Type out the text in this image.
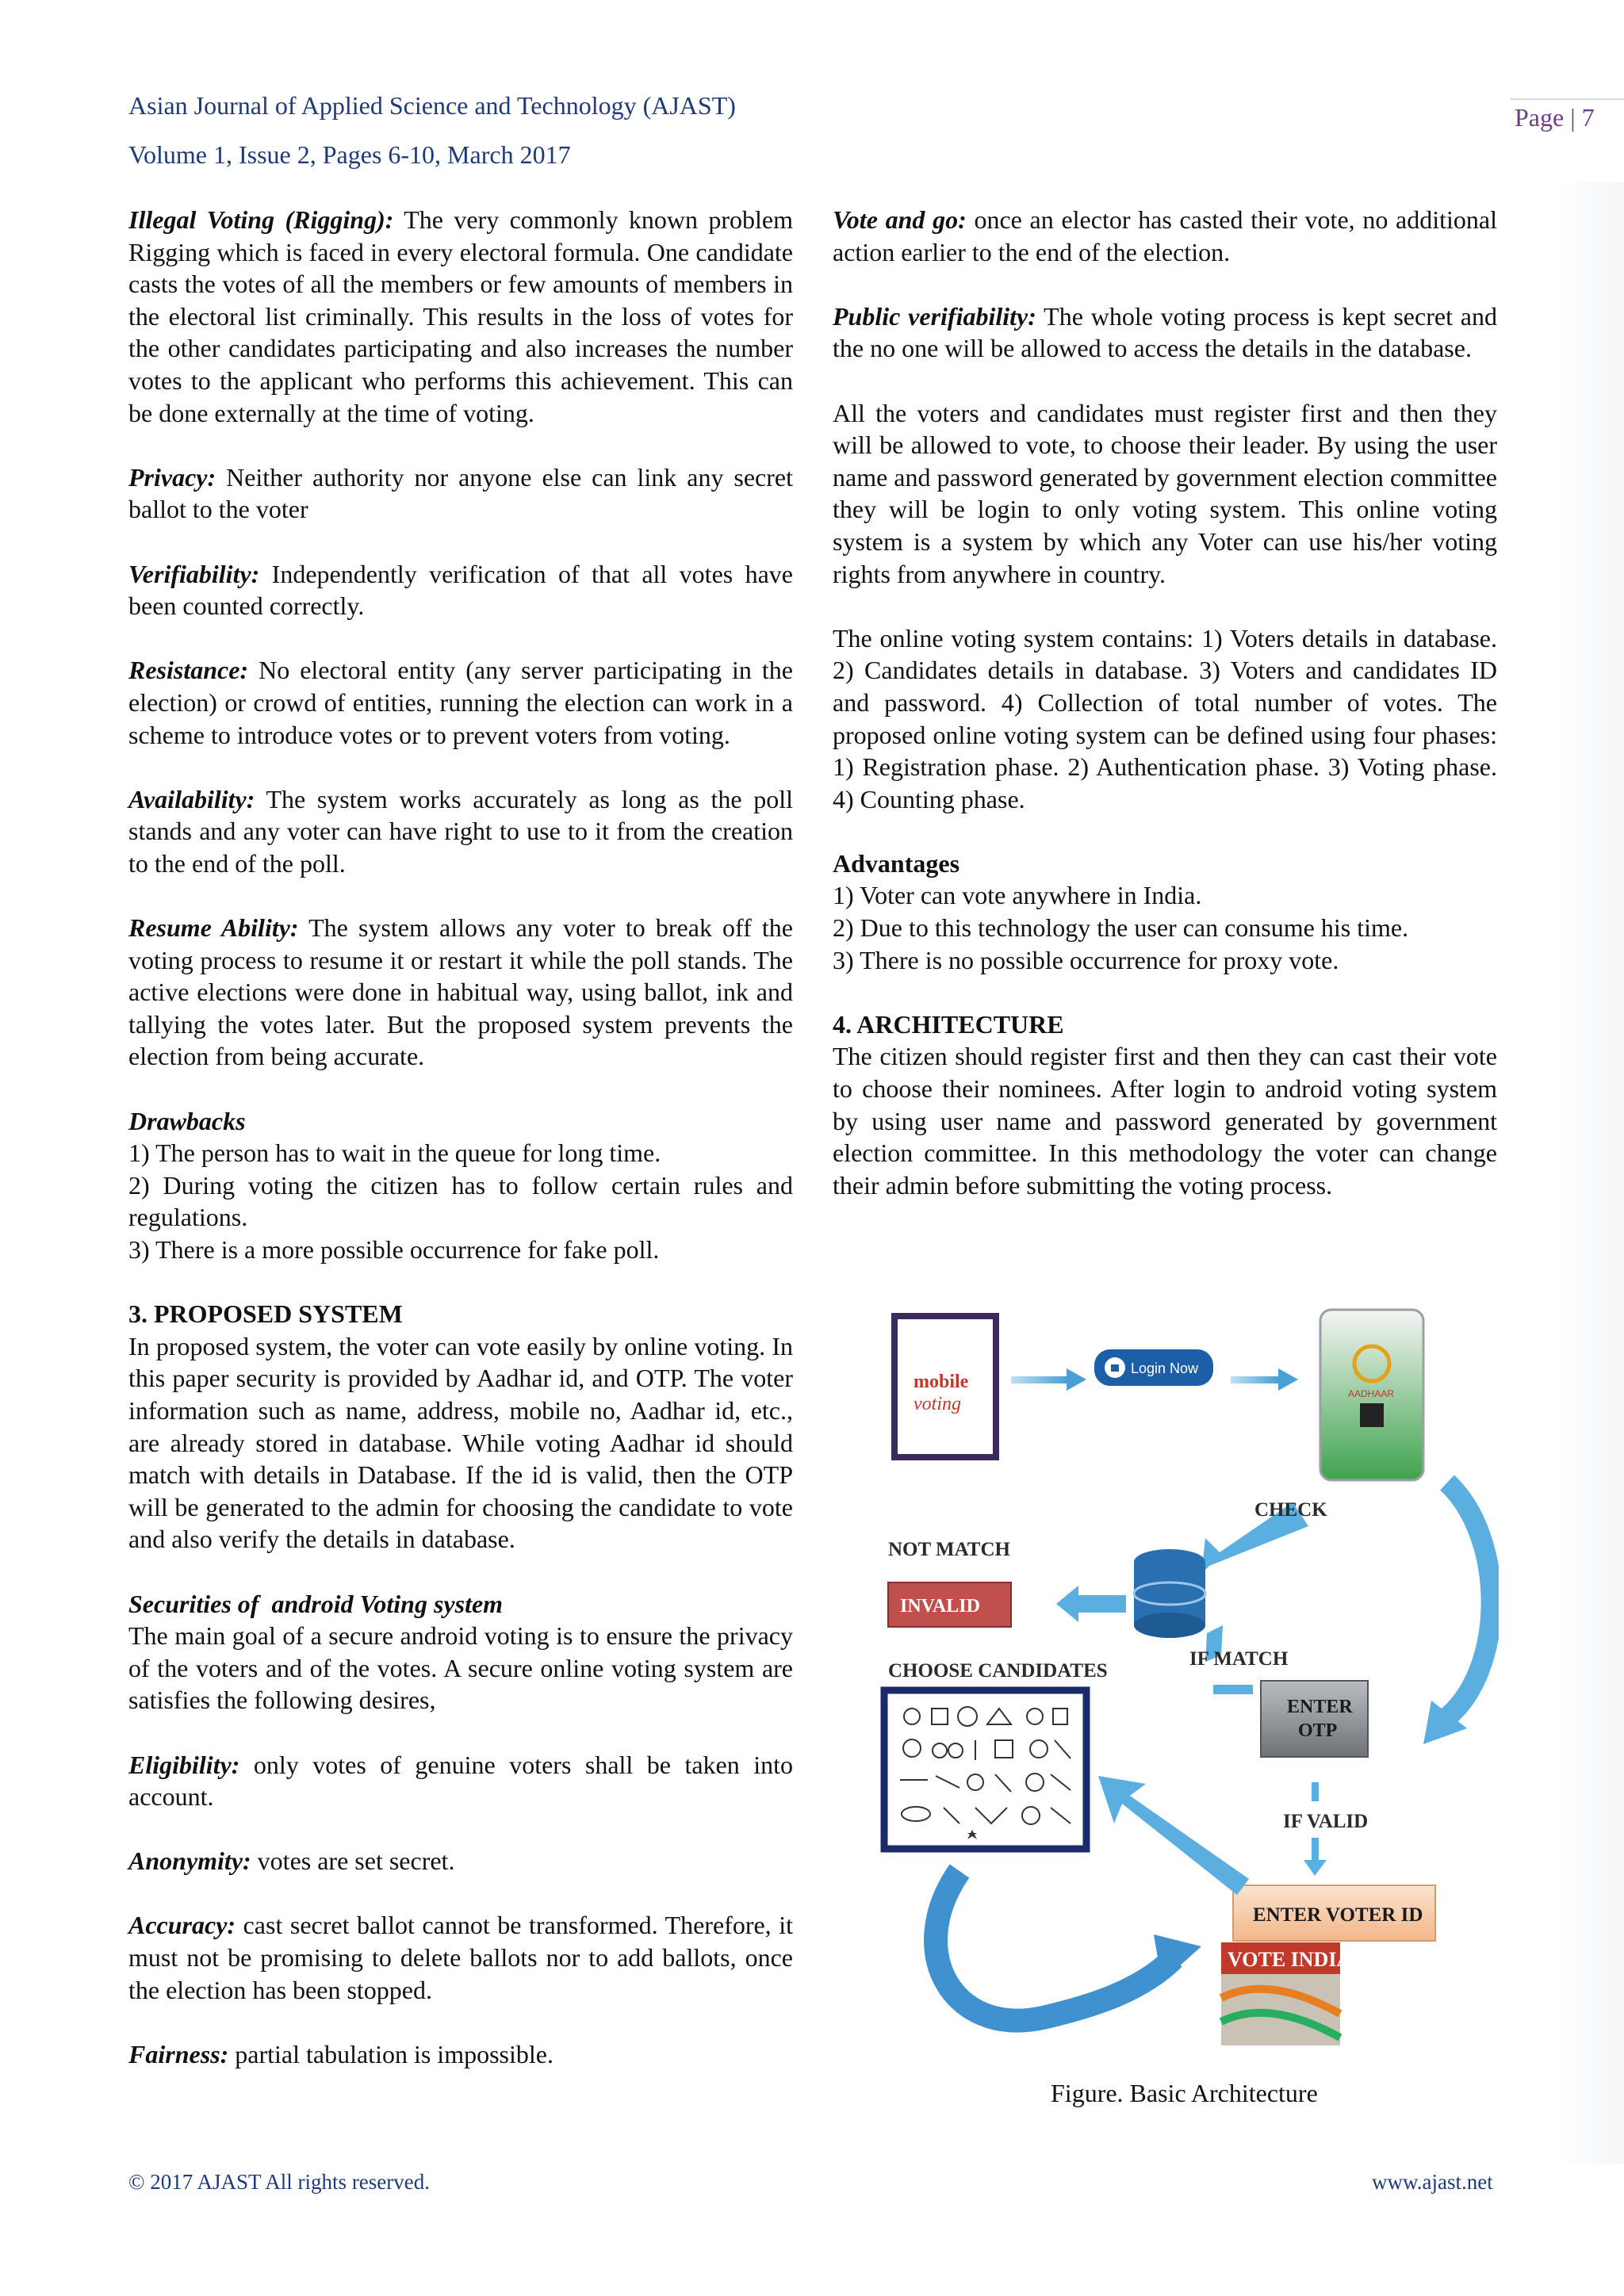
Asian Journal of Applied Science and Technology (AJAST)
Volume 1, Issue 2, Pages 6-10, March 2017
Page | 7

Illegal Voting (Rigging): The very commonly known problem Rigging which is faced in every electoral formula. One candidate casts the votes of all the members or few amounts of members in the electoral list criminally. This results in the loss of votes for the other candidates participating and also increases the number votes to the applicant who performs this achievement. This can be done externally at the time of voting.

Privacy: Neither authority nor anyone else can link any secret ballot to the voter

Verifiability: Independently verification of that all votes have been counted correctly.

Resistance: No electoral entity (any server participating in the election) or crowd of entities, running the election can work in a scheme to introduce votes or to prevent voters from voting.

Availability: The system works accurately as long as the poll stands and any voter can have right to use to it from the creation to the end of the poll.

Resume Ability: The system allows any voter to break off the voting process to resume it or restart it while the poll stands. The active elections were done in habitual way, using ballot, ink and tallying the votes later. But the proposed system prevents the election from being accurate.

Drawbacks

1) The person has to wait in the queue for long time.
2) During voting the citizen has to follow certain rules and regulations.
3) There is a more possible occurrence for fake poll.

3. PROPOSED SYSTEM

In proposed system, the voter can vote easily by online voting. In this paper security is provided by Aadhar id, and OTP. The voter information such as name, address, mobile no, Aadhar id, etc., are already stored in database. While voting Aadhar id should match with details in Database. If the id is valid, then the OTP will be generated to the admin for choosing the candidate to vote and also verify the details in database.

Securities of  android Voting system

The main goal of a secure android voting is to ensure the privacy of the voters and of the votes. A secure online voting system are satisfies the following desires,

Eligibility: only votes of genuine voters shall be taken into account.

Anonymity: votes are set secret.

Accuracy: cast secret ballot cannot be transformed. Therefore, it must not be promising to delete ballots nor to add ballots, once the election has been stopped.

Fairness: partial tabulation is impossible.

Vote and go: once an elector has casted their vote, no additional action earlier to the end of the election.

Public verifiability: The whole voting process is kept secret and the no one will be allowed to access the details in the database.

All the voters and candidates must register first and then they will be allowed to vote, to choose their leader. By using the user name and password generated by government election committee they will be login to only voting system. This online voting system is a system by which any Voter can use his/her voting rights from anywhere in country.

The online voting system contains: 1) Voters details in database. 2) Candidates details in database. 3) Voters and candidates ID and password. 4) Collection of total number of votes. The proposed online voting system can be defined using four phases: 1) Registration phase. 2) Authentication phase. 3) Voting phase. 4) Counting phase.

Advantages

1) Voter can vote anywhere in India.
2) Due to this technology the user can consume his time.
3) There is no possible occurrence for proxy vote.

4. ARCHITECTURE

The citizen should register first and then they can cast their vote to choose their nominees. After login to android voting system by using user name and password generated by government election committee. In this methodology the voter can change their admin before submitting the voting process.

mobile
voting
Login Now
AADHAAR
CHECK
NOT MATCH
INVALID
IF MATCH
CHOOSE CANDIDATES
ENTER
OTP
IF VALID
ENTER VOTER ID
VOTE INDIA
Figure. Basic Architecture
© 2017 AJAST All rights reserved.	www.ajast.net
